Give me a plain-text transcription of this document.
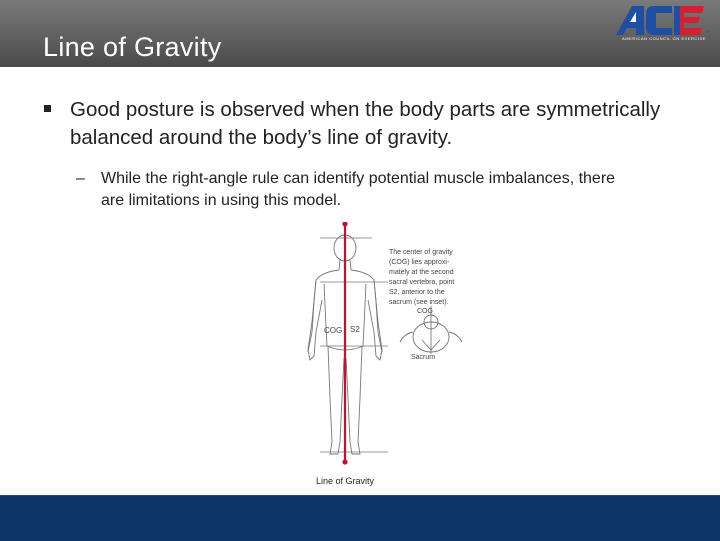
Line of Gravity
®
AMERICAN COUNCIL ON EXERCISE
Good posture is observed when the body parts are symmetrically balanced around the body’s line of gravity.
–	While the right-angle rule can identify potential muscle imbalances, there are limitations in using this model.
The center of gravity
(COG) lies approxi-
mately at the second
sacral vertebra, point
S2, anterior to the
sacrum (see inset).
COG S2
COG
Sacrum
Line of Gravity
